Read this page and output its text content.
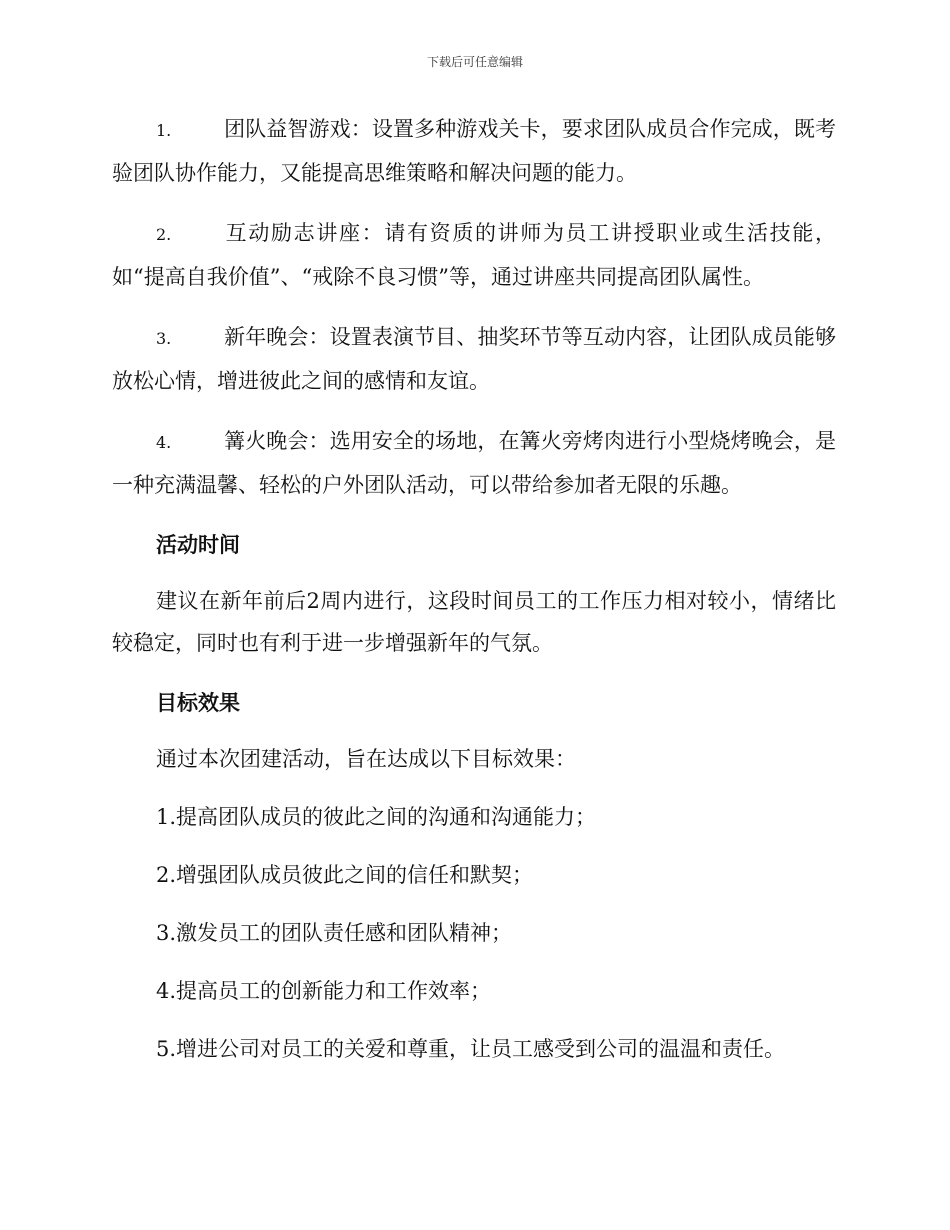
下载后可任意编辑

1.	团队益智游戏：设置多种游戏关卡，要求团队成员合作完成，既考验团队协作能力，又能提高思维策略和解决问题的能力。

2.	互动励志讲座：请有资质的讲师为员工讲授职业或生活技能，如“提高自我价值”、“戒除不良习惯”等，通过讲座共同提高团队属性。

3.	新年晚会：设置表演节目、抽奖环节等互动内容，让团队成员能够放松心情，增进彼此之间的感情和友谊。

4.	篝火晚会：选用安全的场地，在篝火旁烤肉进行小型烧烤晚会，是一种充满温馨、轻松的户外团队活动，可以带给参加者无限的乐趣。

活动时间

建议在新年前后2周内进行，这段时间员工的工作压力相对较小，情绪比较稳定，同时也有利于进一步增强新年的气氛。

目标效果

通过本次团建活动，旨在达成以下目标效果：

1.提高团队成员的彼此之间的沟通和沟通能力；

2.增强团队成员彼此之间的信任和默契；

3.激发员工的团队责任感和团队精神；

4.提高员工的创新能力和工作效率；

5.增进公司对员工的关爱和尊重，让员工感受到公司的温温和责任。
